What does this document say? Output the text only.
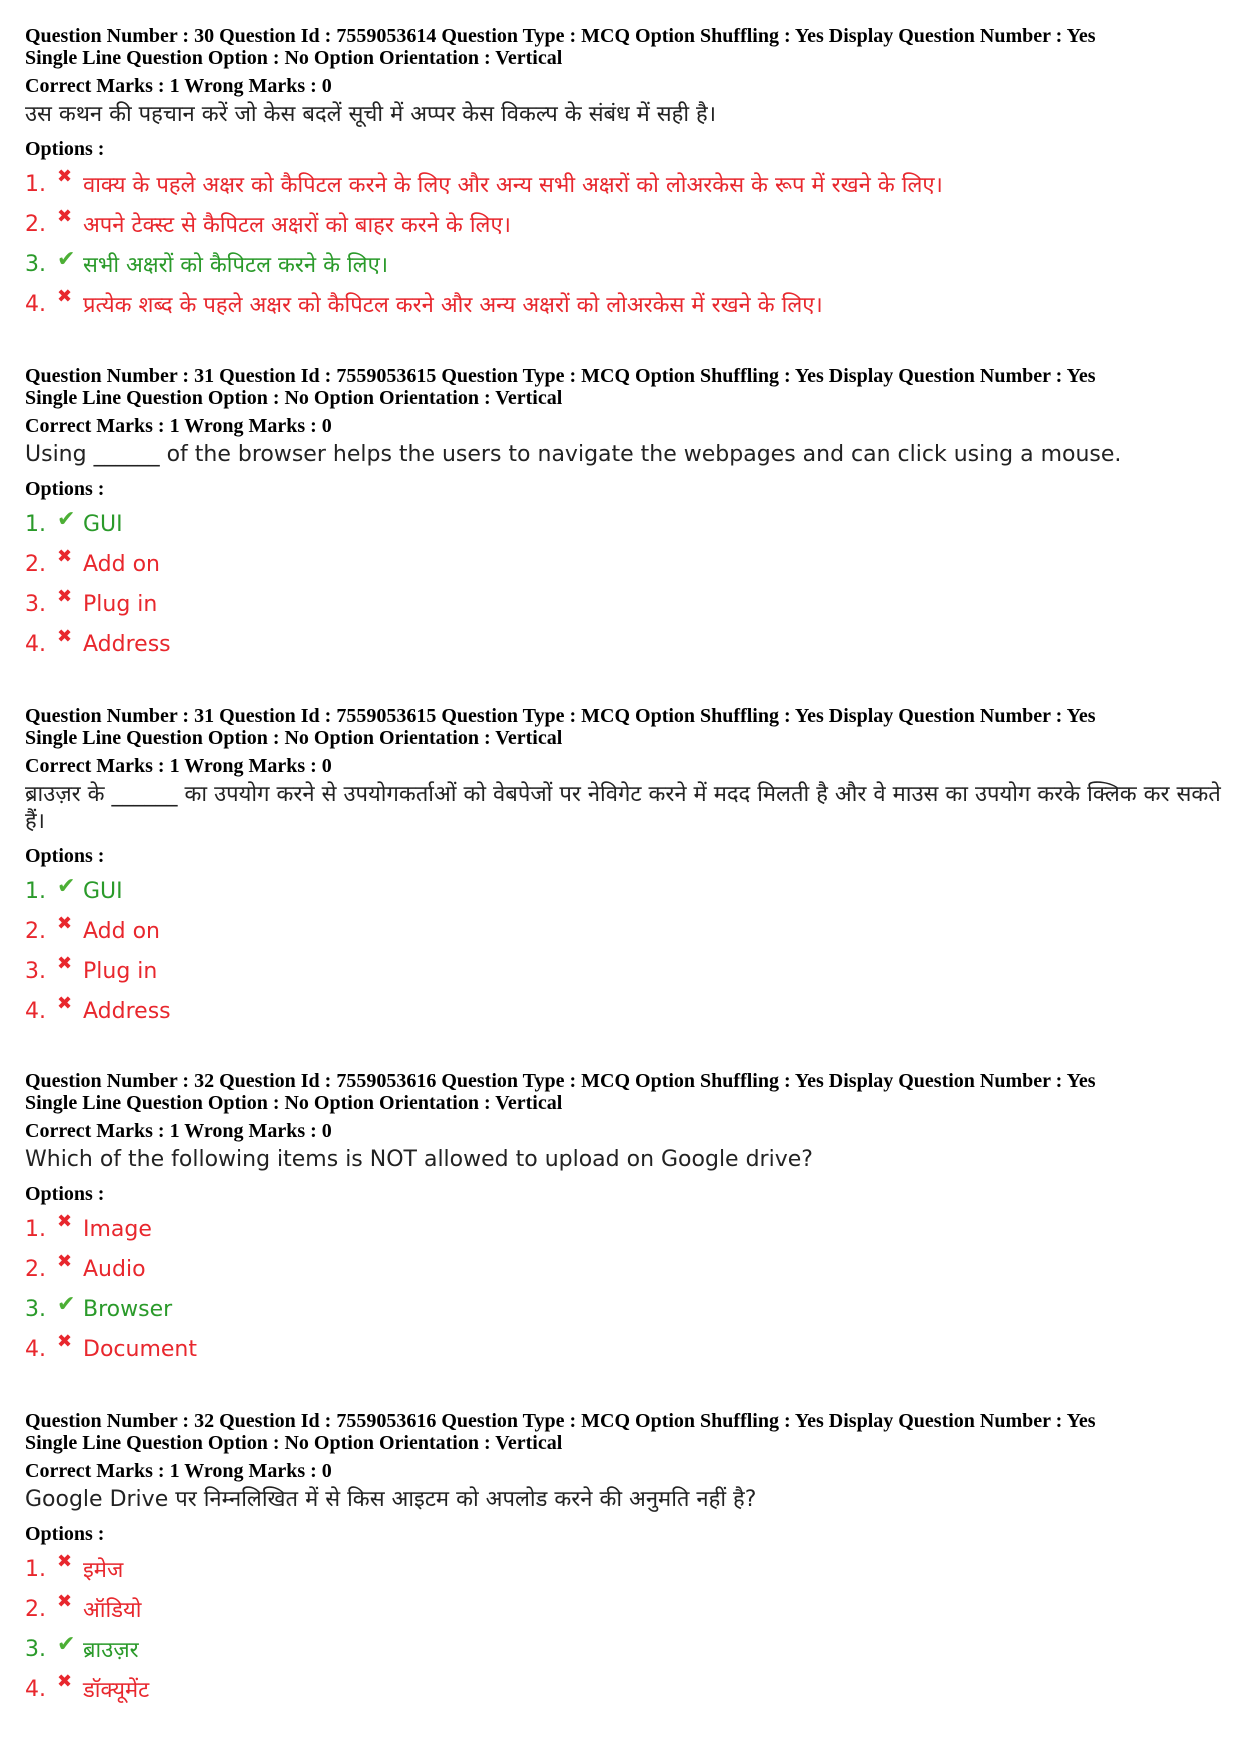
Question Number : 30 Question Id : 7559053614 Question Type : MCQ Option Shuffling : Yes Display Question Number : Yes
Single Line Question Option : No Option Orientation : Vertical
Correct Marks : 1 Wrong Marks : 0
उस कथन की पहचान करें जो केस बदलें सूची में अप्पर केस विकल्प के संबंध में सही है।
Options :
1. ✖ वाक्य के पहले अक्षर को कैपिटल करने के लिए और अन्य सभी अक्षरों को लोअरकेस के रूप में रखने के लिए।
2. ✖ अपने टेक्स्ट से कैपिटल अक्षरों को बाहर करने के लिए।
3. ✔ सभी अक्षरों को कैपिटल करने के लिए।
4. ✖ प्रत्येक शब्द के पहले अक्षर को कैपिटल करने और अन्य अक्षरों को लोअरकेस में रखने के लिए।
Question Number : 31 Question Id : 7559053615 Question Type : MCQ Option Shuffling : Yes Display Question Number : Yes
Single Line Question Option : No Option Orientation : Vertical
Correct Marks : 1 Wrong Marks : 0
Using ______ of the browser helps the users to navigate the webpages and can click using a mouse.
Options :
1. ✔ GUI
2. ✖ Add on
3. ✖ Plug in
4. ✖ Address
Question Number : 31 Question Id : 7559053615 Question Type : MCQ Option Shuffling : Yes Display Question Number : Yes
Single Line Question Option : No Option Orientation : Vertical
Correct Marks : 1 Wrong Marks : 0
ब्राउज़र के ______ का उपयोग करने से उपयोगकर्ताओं को वेबपेजों पर नेविगेट करने में मदद मिलती है और वे माउस का उपयोग करके क्लिक कर सकते हैं।
Options :
1. ✔ GUI
2. ✖ Add on
3. ✖ Plug in
4. ✖ Address
Question Number : 32 Question Id : 7559053616 Question Type : MCQ Option Shuffling : Yes Display Question Number : Yes
Single Line Question Option : No Option Orientation : Vertical
Correct Marks : 1 Wrong Marks : 0
Which of the following items is NOT allowed to upload on Google drive?
Options :
1. ✖ Image
2. ✖ Audio
3. ✔ Browser
4. ✖ Document
Question Number : 32 Question Id : 7559053616 Question Type : MCQ Option Shuffling : Yes Display Question Number : Yes
Single Line Question Option : No Option Orientation : Vertical
Correct Marks : 1 Wrong Marks : 0
Google Drive पर निम्नलिखित में से किस आइटम को अपलोड करने की अनुमति नहीं है?
Options :
1. ✖ इमेज
2. ✖ ऑडियो
3. ✔ ब्राउज़र
4. ✖ डॉक्यूमेंट
